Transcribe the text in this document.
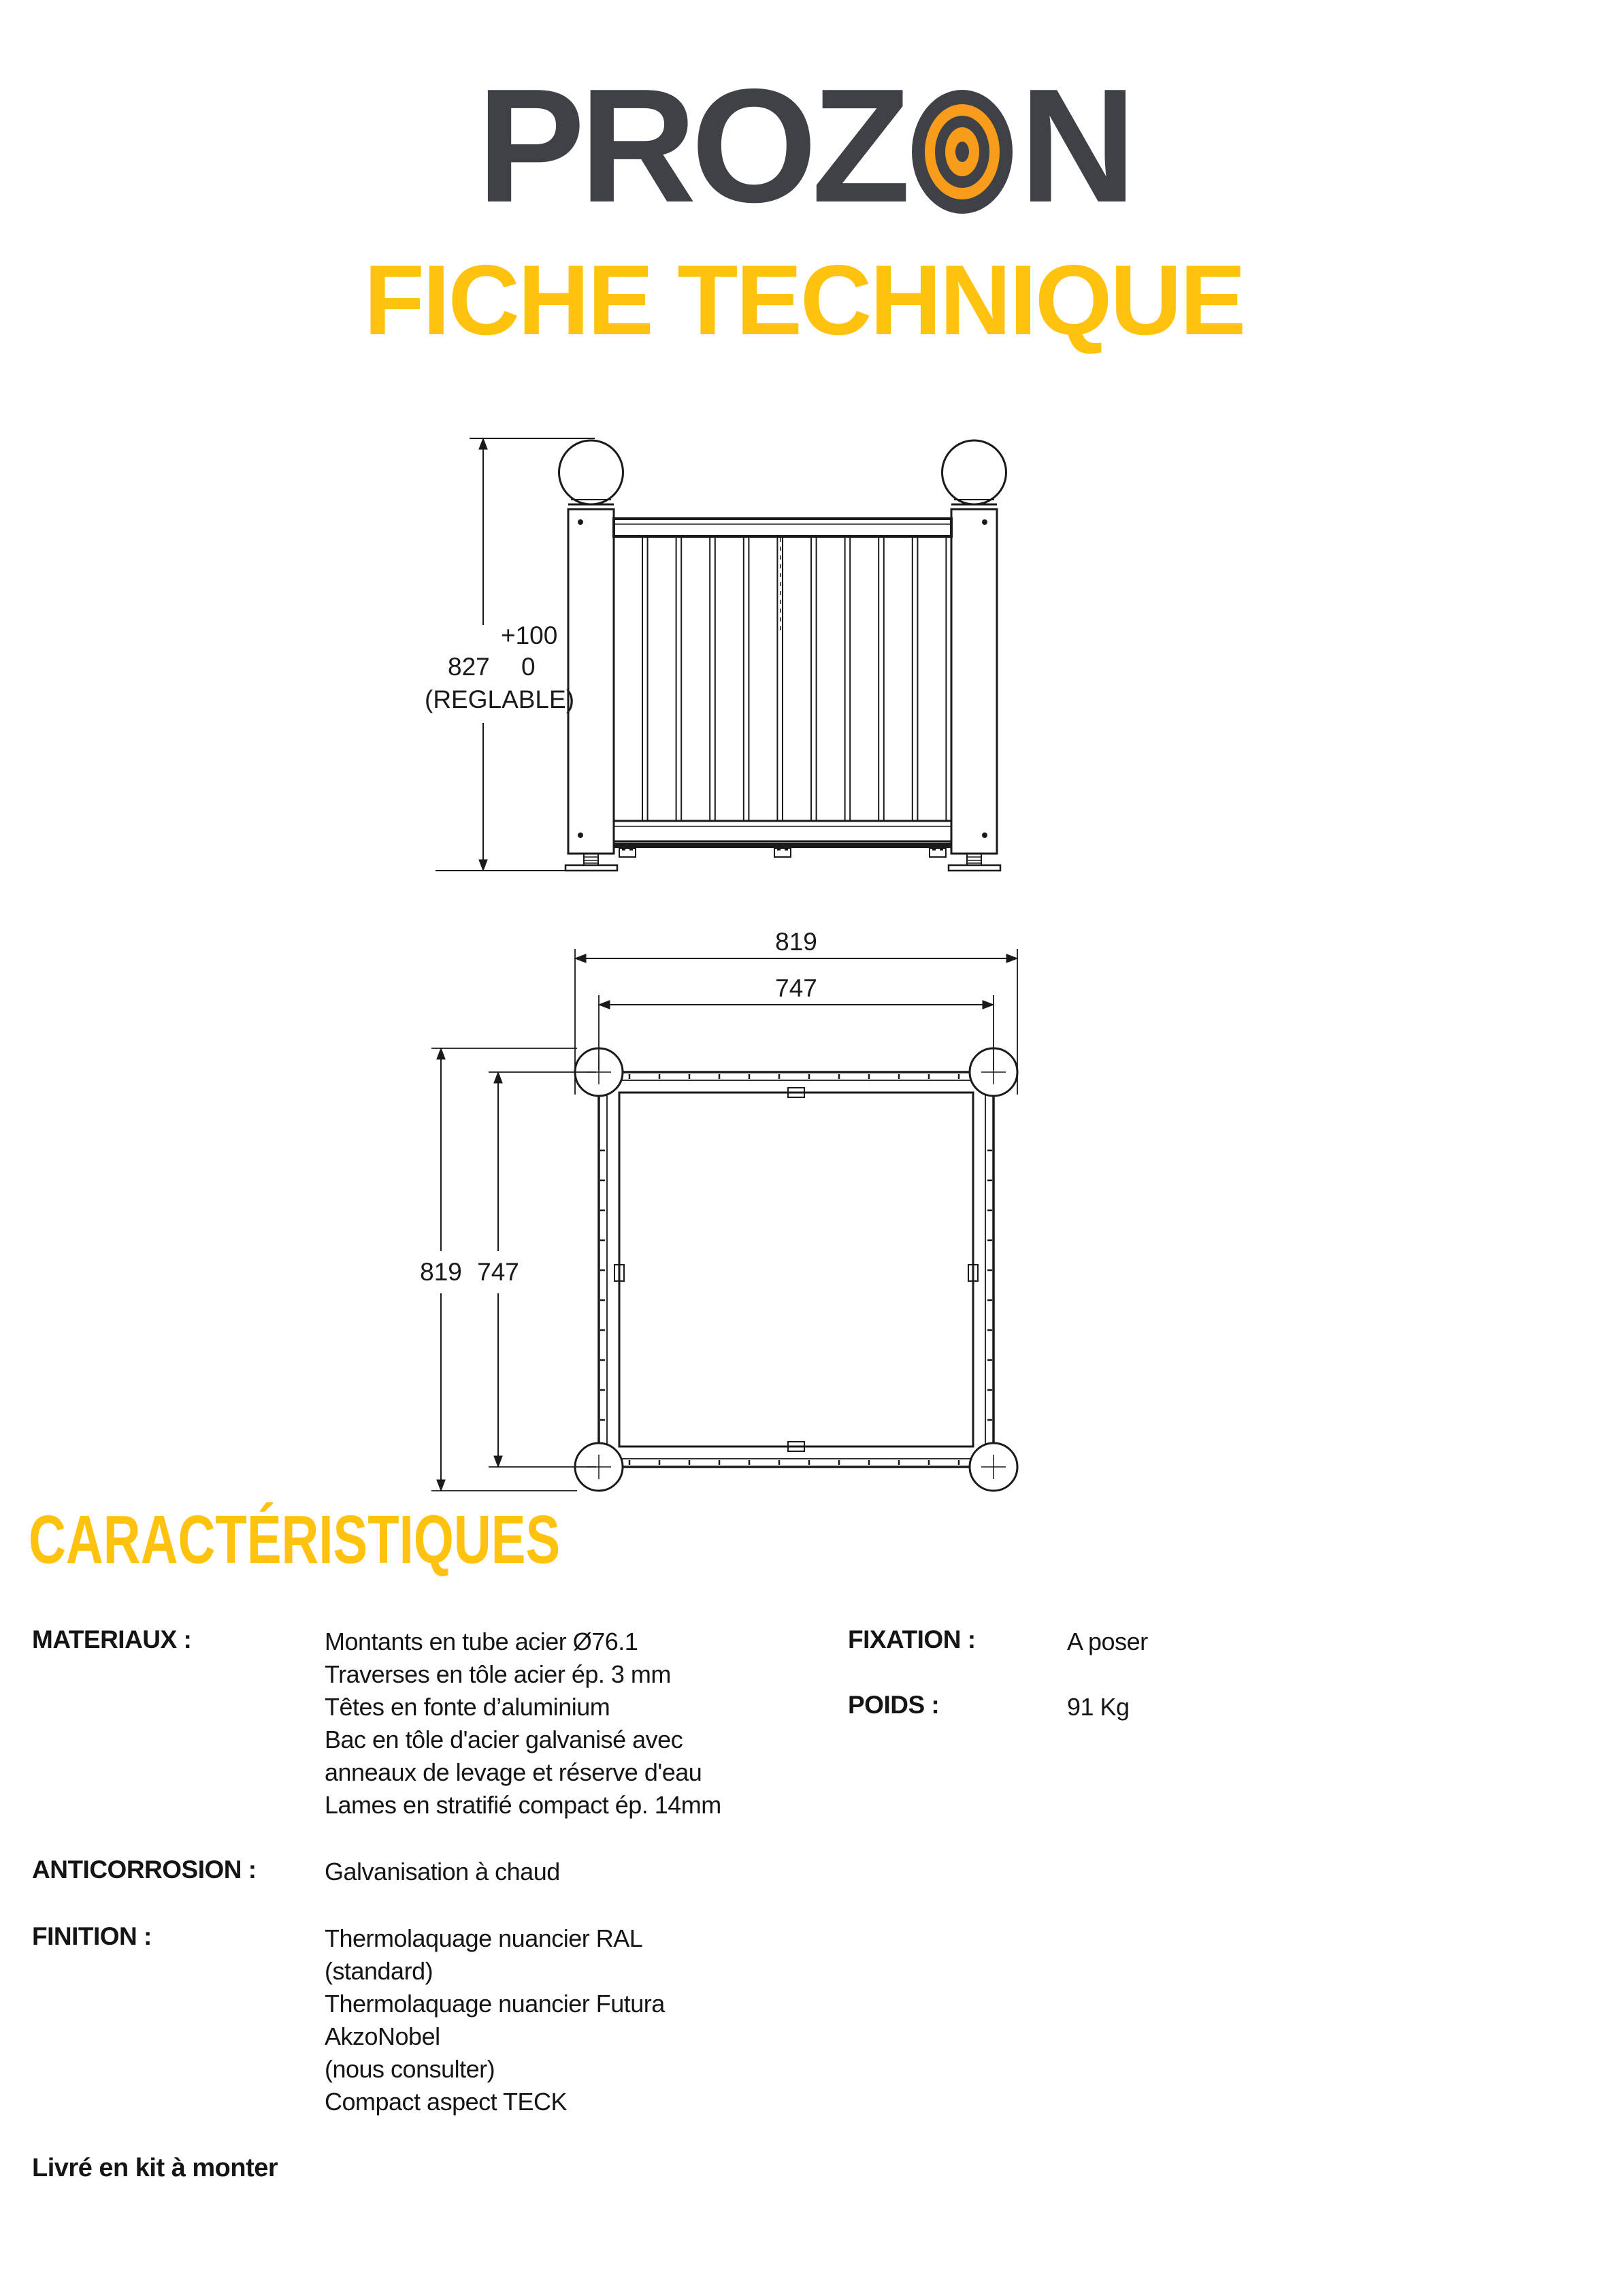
PROZ N
FICHE TECHNIQUE
+100
827 0
(REGLABLE)
819
747
819 747
CARACTÉRISTIQUES
MATERIAUX :	Montants en tube acier Ø76.1
Traverses en tôle acier ép. 3 mm
Têtes en fonte d’aluminium
Bac en tôle d'acier galvanisé avec
anneaux de levage et réserve d'eau
Lames en stratifié compact ép. 14mm
ANTICORROSION :	Galvanisation à chaud
FINITION :	Thermolaquage nuancier RAL
(standard)
Thermolaquage nuancier Futura
AkzoNobel
(nous consulter)
Compact aspect TECK
FIXATION :	A poser
POIDS :	91 Kg
Livré en kit à monter
